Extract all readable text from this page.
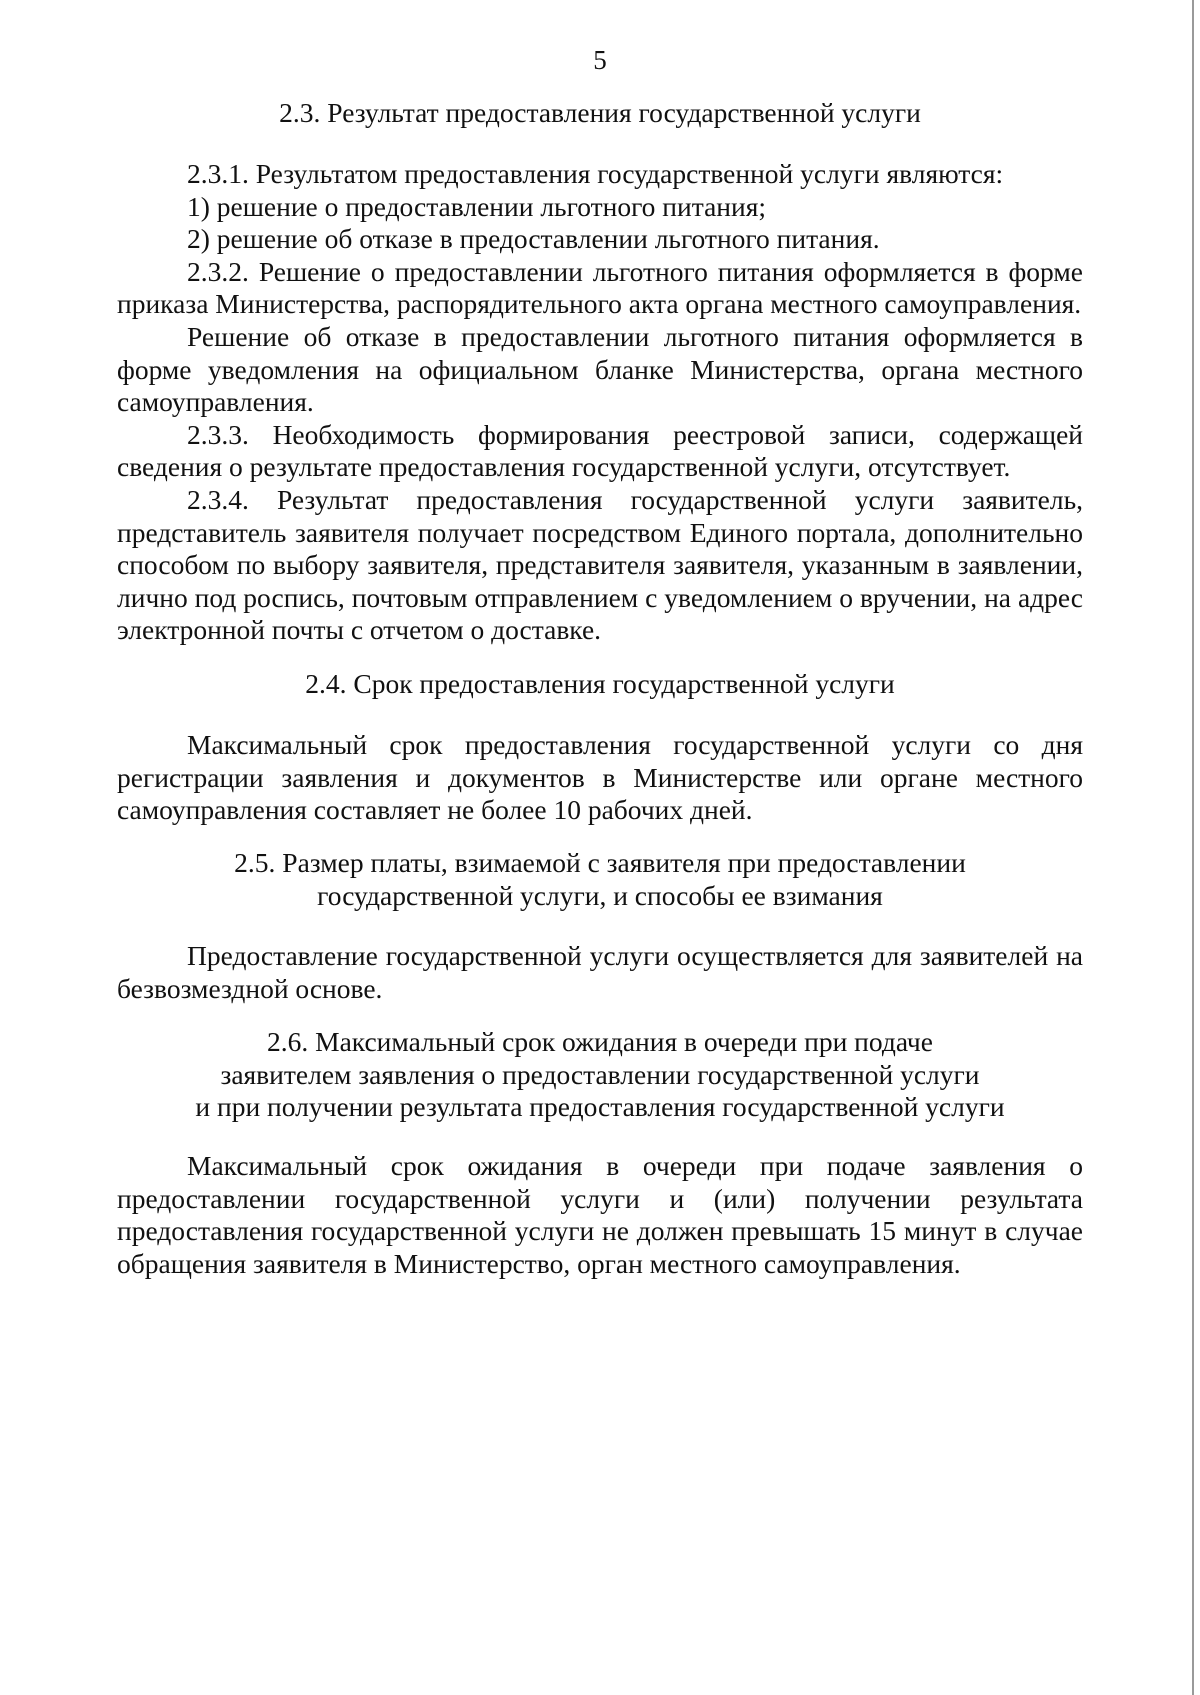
5
2.3. Результат предоставления государственной услуги

2.3.1. Результатом предоставления государственной услуги являются:

1) решение о предоставлении льготного питания;

2) решение об отказе в предоставлении льготного питания.

2.3.2. Решение о предоставлении льготного питания оформляется в форме приказа Министерства, распорядительного акта органа местного самоуправления.

Решение об отказе в предоставлении льготного питания оформляется в форме уведомления на официальном бланке Министерства, органа местного самоуправления.

2.3.3. Необходимость формирования реестровой записи, содержащей сведения о результате предоставления государственной услуги, отсутствует.

2.3.4. Результат предоставления государственной услуги заявитель, представитель заявителя получает посредством Единого портала, дополнительно способом по выбору заявителя, представителя заявителя, указанным в заявлении, лично под роспись, почтовым отправлением с уведомлением о вручении, на адрес электронной почты с отчетом о доставке.

2.4. Срок предоставления государственной услуги

Максимальный срок предоставления государственной услуги со дня регистрации заявления и документов в Министерстве или органе местного самоуправления составляет не более 10 рабочих дней.

2.5. Размер платы, взимаемой с заявителя при предоставлении
государственной услуги, и способы ее взимания

Предоставление государственной услуги осуществляется для заявителей на безвозмездной основе.

2.6. Максимальный срок ожидания в очереди при подаче
заявителем заявления о предоставлении государственной услуги
и при получении результата предоставления государственной услуги

Максимальный срок ожидания в очереди при подаче заявления о предоставлении государственной услуги и (или) получении результата предоставления государственной услуги не должен превышать 15 минут в случае обращения заявителя в Министерство, орган местного самоуправления.
